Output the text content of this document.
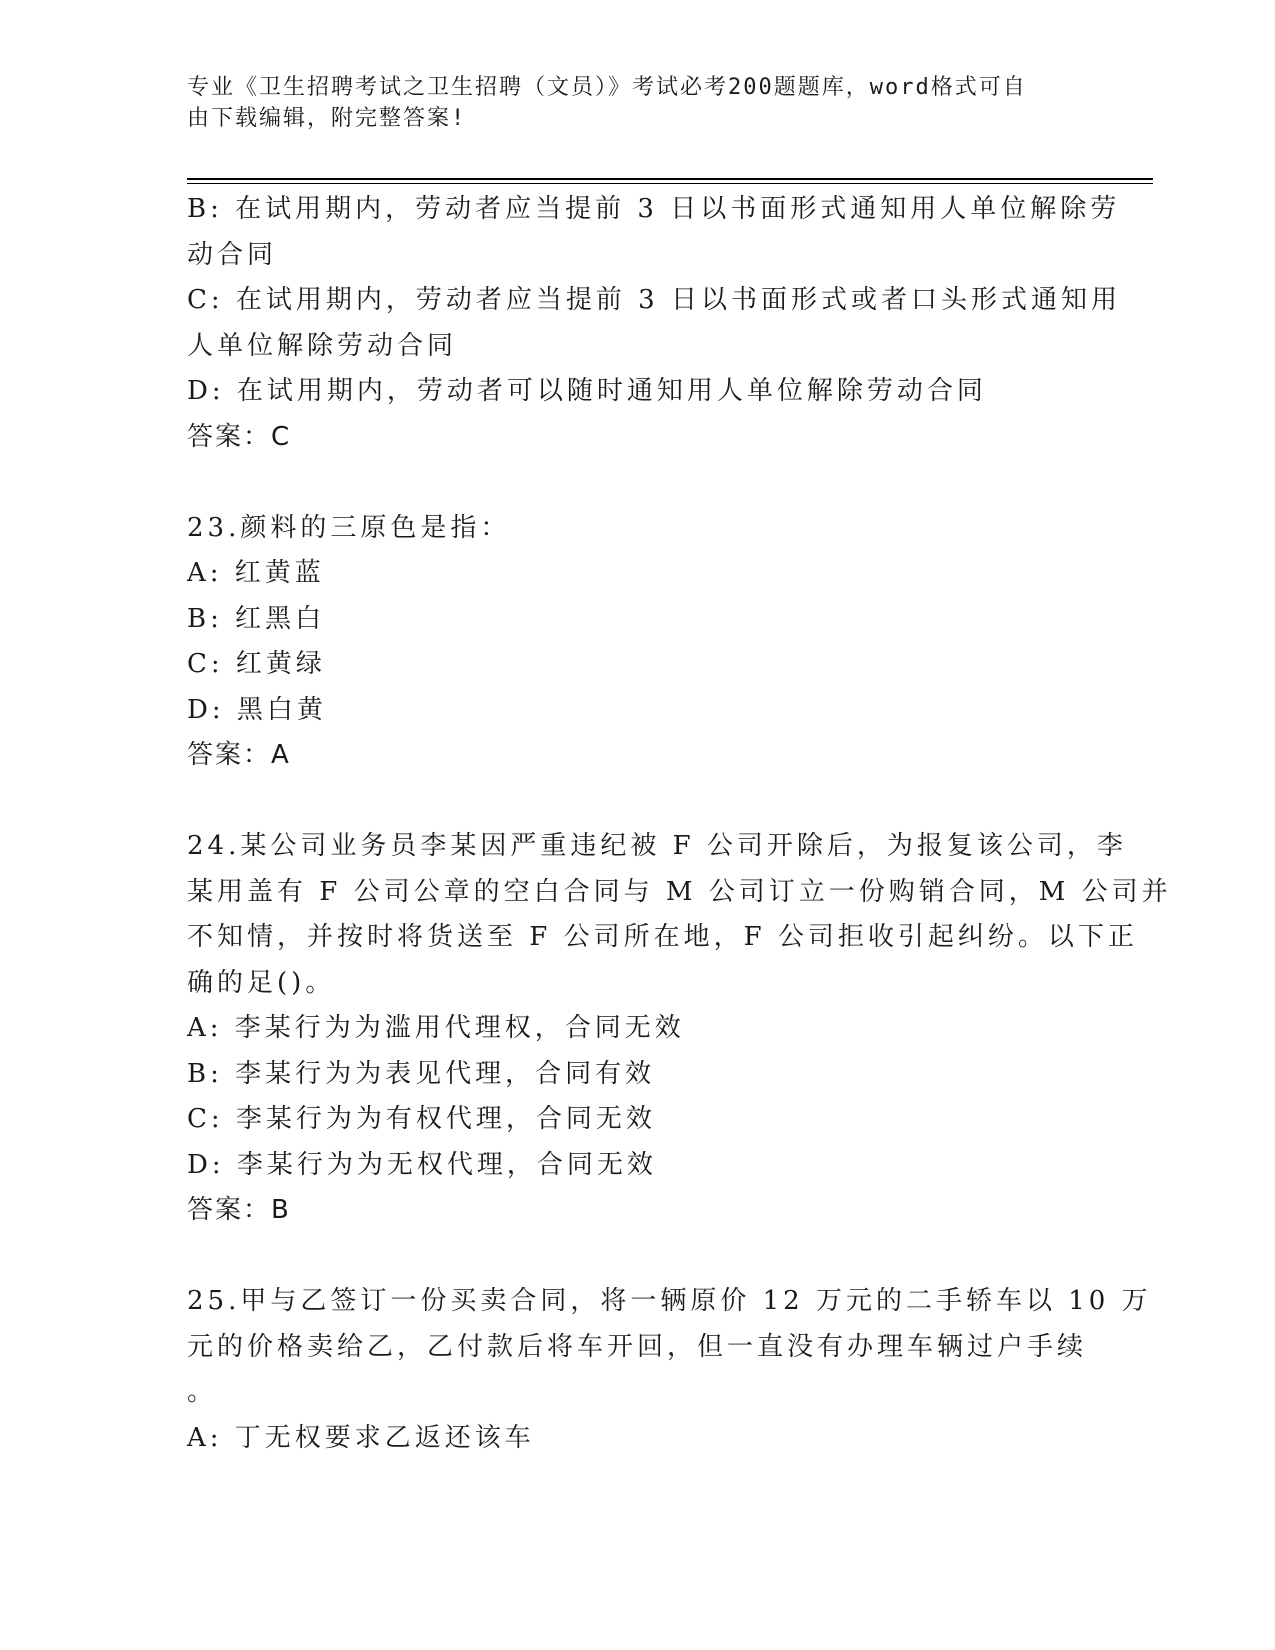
专业《卫生招聘考试之卫生招聘（文员）》考试必考200题题库，word格式可自
由下载编辑，附完整答案!
B: 在试用期内，劳动者应当提前 3 日以书面形式通知用人单位解除劳
动合同
C: 在试用期内，劳动者应当提前 3 日以书面形式或者口头形式通知用
人单位解除劳动合同
D: 在试用期内，劳动者可以随时通知用人单位解除劳动合同
答案：C
23.颜料的三原色是指：
A: 红黄蓝
B: 红黑白
C: 红黄绿
D: 黑白黄
答案：A
24.某公司业务员李某因严重违纪被 F 公司开除后，为报复该公司，李
某用盖有 F 公司公章的空白合同与 M 公司订立一份购销合同，M 公司并
不知情，并按时将货送至 F 公司所在地，F 公司拒收引起纠纷。以下正
确的足()。
A: 李某行为为滥用代理权，合同无效
B: 李某行为为表见代理，合同有效
C: 李某行为为有权代理，合同无效
D: 李某行为为无权代理，合同无效
答案：B
25.甲与乙签订一份买卖合同，将一辆原价 12 万元的二手轿车以 10 万
元的价格卖给乙，乙付款后将车开回，但一直没有办理车辆过户手续
。
A: 丁无权要求乙返还该车
